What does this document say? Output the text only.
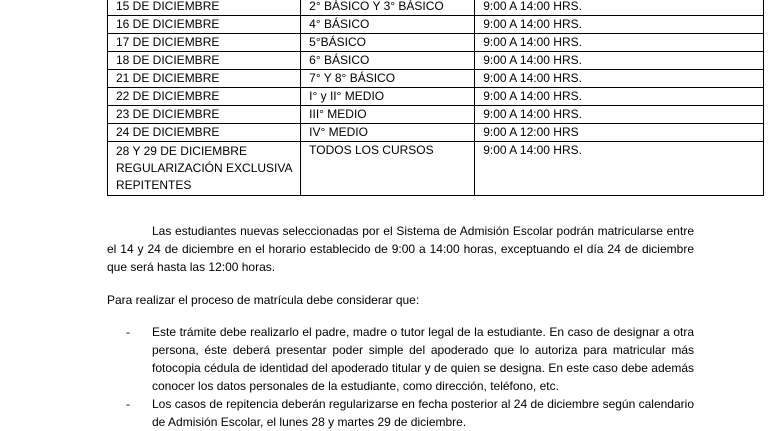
15 DE DICIEMBRE	2° BÁSICO Y 3° BÁSICO	9:00 A 14:00 HRS.
16 DE DICIEMBRE	4° BÁSICO	9:00 A 14:00 HRS.
17 DE DICIEMBRE	5°BÁSICO	9:00 A 14:00 HRS.
18 DE DICIEMBRE	6° BÁSICO	9:00 A 14:00 HRS.
21 DE DICIEMBRE	7° Y 8° BÁSICO	9:00 A 14:00 HRS.
22 DE DICIEMBRE	I° y II° MEDIO	9:00 A 14:00 HRS.
23 DE DICIEMBRE	III° MEDIO	9:00 A 14:00 HRS.
24 DE DICIEMBRE	IV° MEDIO	9:00 A 12:00 HRS

28 Y 29 DE DICIEMBRE
REGULARIZACIÓN EXCLUSIVA
REPITENTES	TODOS LOS CURSOS	9:00 A 14:00 HRS.
Las estudiantes nuevas seleccionadas por el Sistema de Admisión Escolar podrán matricularse entre el 14 y 24 de diciembre en el horario establecido de 9:00 a 14:00 horas, exceptuando el día 24 de diciembre que será hasta las 12:00 horas.
Para realizar el proceso de matrícula debe considerar que:
- Este trámite debe realizarlo el padre, madre o tutor legal de la estudiante. En caso de designar a otra persona, éste deberá presentar poder simple del apoderado que lo autoriza para matricular más fotocopia cédula de identidad del apoderado titular y de quien se designa. En este caso debe además conocer los datos personales de la estudiante, como dirección, teléfono, etc.
- Los casos de repitencia deberán regularizarse en fecha posterior al 24 de diciembre según calendario de Admisión Escolar, el lunes 28 y martes 29 de diciembre.
